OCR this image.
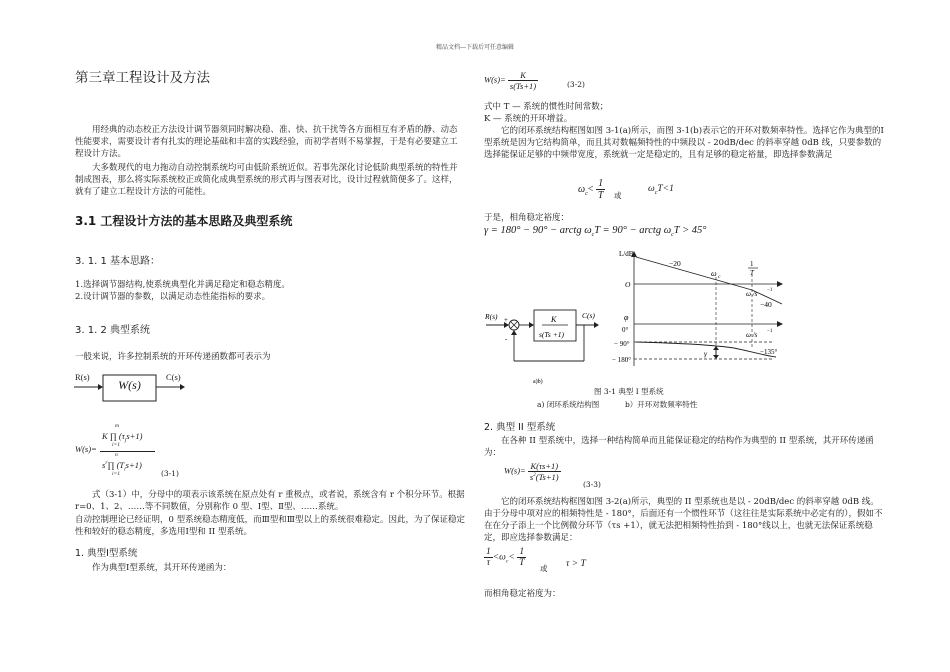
精品文档---下载后可任意编辑
第三章工程设计及方法
用经典的动态校正方法设计调节器须同时解决稳、准、快、抗干扰等各方面相互有矛盾的静、动态性能要求，需要设计者有扎实的理论基础和丰富的实践经验，而初学者则不易掌握，于是有必要建立工程设计方法。
大多数现代的电力拖动自动控制系统均可由低阶系统近似。若事先深化讨论低阶典型系统的特性并制成图表，那么将实际系统校正或简化成典型系统的形式再与图表对比，设计过程就简便多了。这样，就有了建立工程设计方法的可能性。
3.1 工程设计方法的基本思路及典型系统
3. 1. 1 基本思路：
1.选择调节器结构,使系统典型化并满足稳定和稳态精度。
2.设计调节器的参数，以满足动态性能指标的要求。
3. 1. 2 典型系统
一般来说，许多控制系统的开环传递函数都可表示为
R(s)	C(s)
W(s)
W(s)=
m
K ∏ $(\tau_js+1)$
i=1
n
$s^r\prod$ $(T_is+1)$
i=1	(3-1)
式（3-1）中，分母中的项表示该系统在原点处有 r 重极点，或者说，系统含有 r 个积分环节。根据 r=0、1、2、……等不同数值，分别称作 0 型、Ⅰ型、Ⅱ型、……系统。
自动控制理论已经证明，0 型系统稳态精度低，而Ⅲ型和Ⅲ型以上的系统很难稳定。因此，为了保证稳定性和较好的稳态精度，多选用Ⅰ型和 II 型系统。
1. 典型Ⅰ型系统
作为典型Ⅰ型系统，其开环传递函为：
$W(s)= \frac{K}{s(Ts+1)}$	(3-2)
式中 T — 系统的惯性时间常数；
K — 系统的开环增益。
它的闭环系统结构框图如图 3-1(a)所示，而图 3-1(b)表示它的开环对数频率特性。选择它作为典型的Ⅰ型系统是因为它结构简单，而且其对数幅频特性的中频段以 - 20dB/dec 的斜率穿越 0dB 线，只要参数的选择能保证足够的中频带宽度，系统就一定是稳定的，且有足够的稳定裕量，即选择参数满足
$\omega_c< \frac{1}{T}$ 或
$\omega_cT<1$
于是，相角稳定裕度：
γ = 180° − 90° − arctg $\omega_cT = 90^\circ$ − arctg $\omega_cT > 45^\circ$
L/dB
−20
−40
ω c
1
T
O
ω /s −1
φ
0°
− 90°
−135°
− 180°
γ
ω /s −1
R(s)	C(s)
K
s(Ts +1)
+
-
a)b)
图 3-1 典型 I 型系统
a) 闭环系统结构图	b）开环对数频率特性
2. 典型 II 型系统
在各种 II 型系统中，选择一种结构简单而且能保证稳定的结构作为典型的 II 型系统，其开环传递函为：
$W(s)= \frac{K(\tau s+1)}{s^2(Ts+1)}$
(3-3)
它的闭环系统结构框图如图 3-2(a)所示，典型的 II 型系统也是以 - 20dB/dec 的斜率穿越 0dB 线。由于分母中项对应的相频特性是 - 180°，后面还有一个惯性环节（这往往是实际系统中必定有的），假如不在在分子添上一个比例微分环节（τs +1），就无法把相频特性抬到 - 180°线以上，也就无法保证系统稳定，即应选择参数满足：
$\frac{1}{\tau} <\omega_c< \frac{1}{T}$
或 τ > T
而相角稳定裕度为：
